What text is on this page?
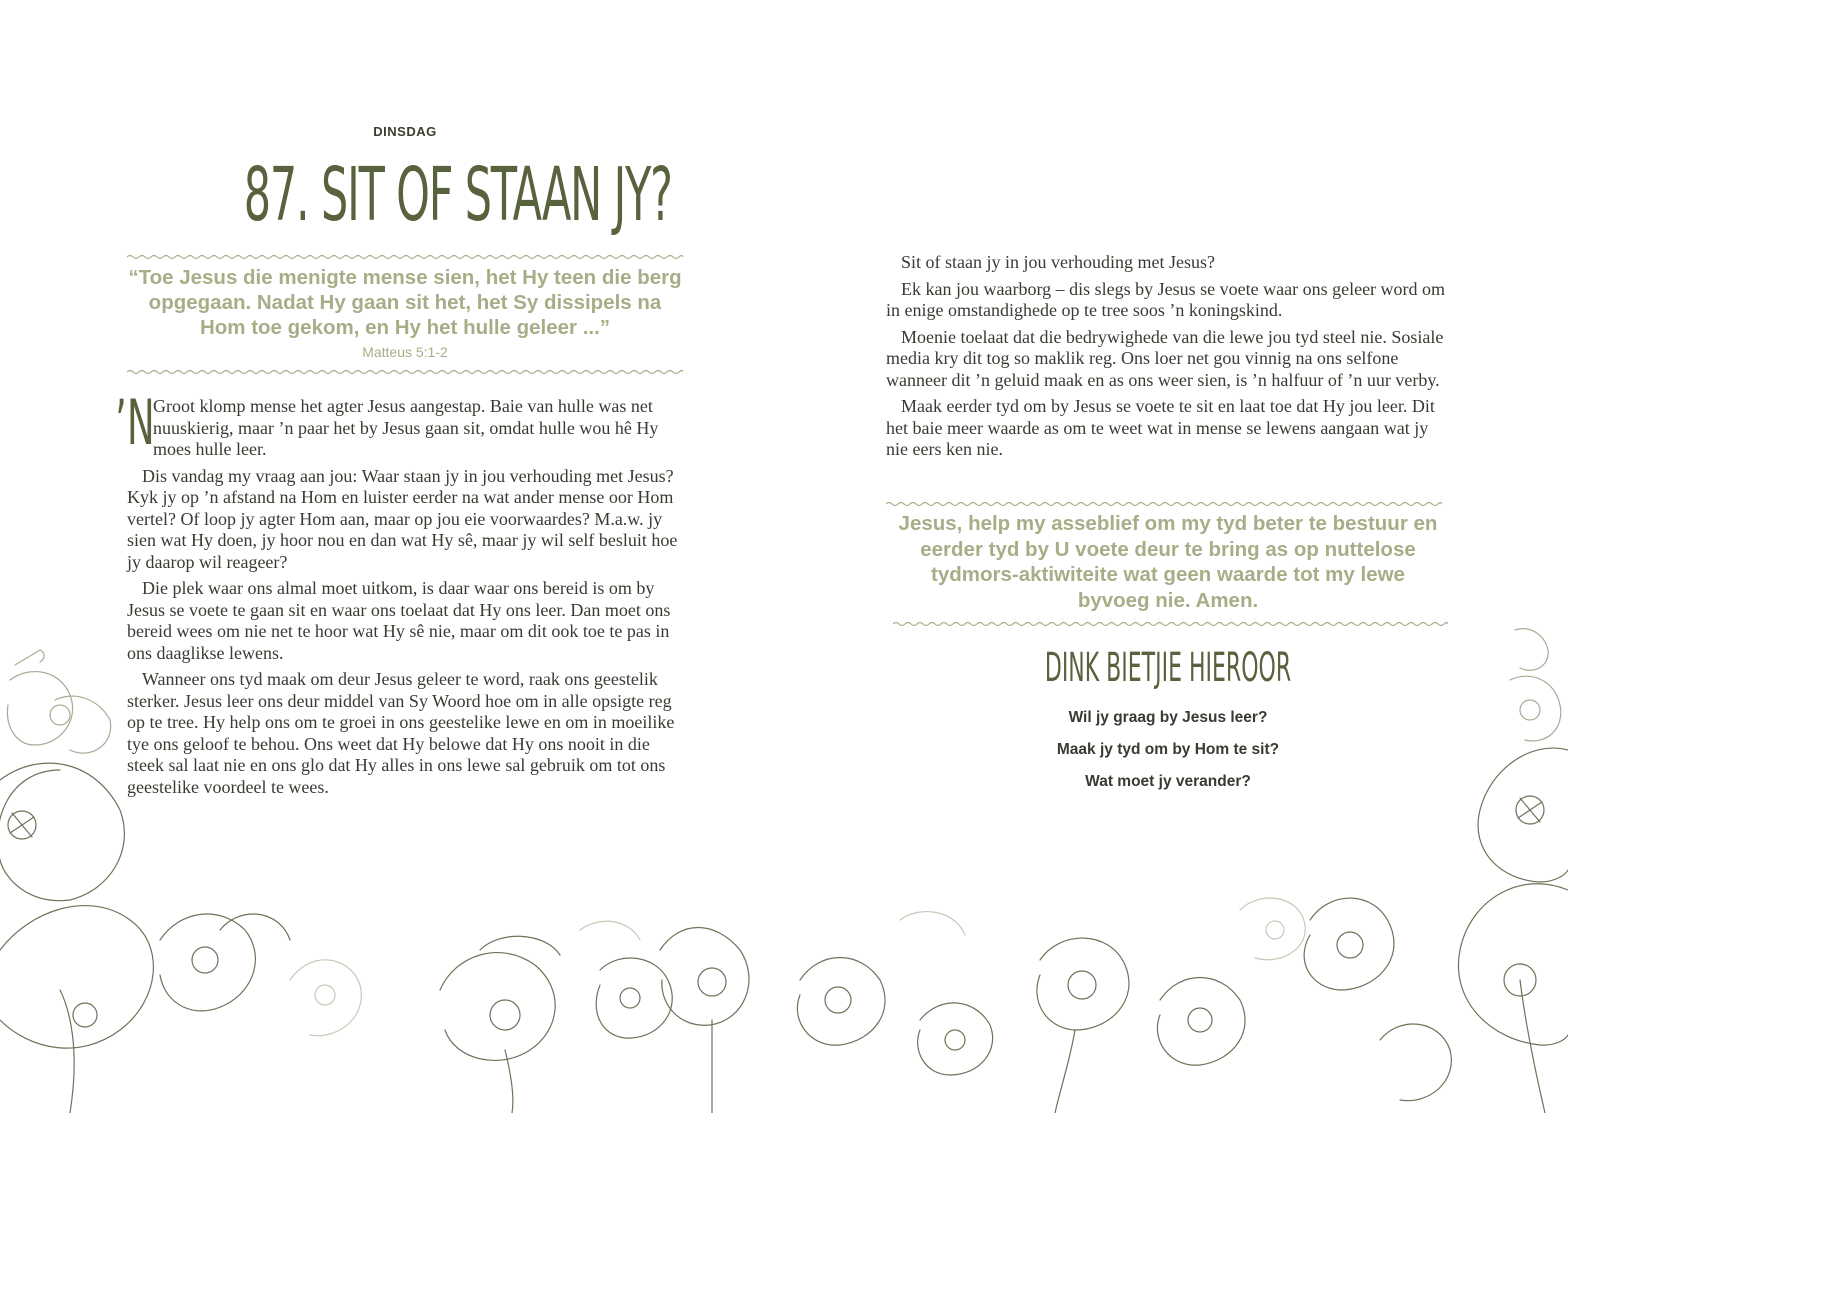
DINSDAG
87. SIT OF STAAN JY?
“Toe Jesus die menigte mense sien, het Hy teen die berg opgegaan. Nadat Hy gaan sit het, het Sy dissipels na Hom toe gekom, en Hy het hulle geleer ...”
Matteus 5:1-2

’N
Groot klomp mense het agter Jesus aangestap. Baie van hulle was net nuuskierig, maar ’n paar het by Jesus gaan sit, omdat hulle wou hê Hy moes hulle leer.

Dis vandag my vraag aan jou: Waar staan jy in jou verhouding met Jesus? Kyk jy op ’n afstand na Hom en luister eerder na wat ander mense oor Hom vertel? Of loop jy agter Hom aan, maar op jou eie voorwaardes? M.a.w. jy sien wat Hy doen, jy hoor nou en dan wat Hy sê, maar jy wil self besluit hoe jy daarop wil reageer?

Die plek waar ons almal moet uitkom, is daar waar ons bereid is om by Jesus se voete te gaan sit en waar ons toelaat dat Hy ons leer. Dan moet ons bereid wees om nie net te hoor wat Hy sê nie, maar om dit ook toe te pas in ons daaglikse lewens.

Wanneer ons tyd maak om deur Jesus geleer te word, raak ons geestelik sterker. Jesus leer ons deur middel van Sy Woord hoe om in alle opsigte reg op te tree. Hy help ons om te groei in ons geestelike lewe en om in moeilike tye ons geloof te behou. Ons weet dat Hy belowe dat Hy ons nooit in die steek sal laat nie en ons glo dat Hy alles in ons lewe sal gebruik om tot ons geestelike voordeel te wees.

Sit of staan jy in jou verhouding met Jesus?

Ek kan jou waarborg – dis slegs by Jesus se voete waar ons geleer word om in enige omstandighede op te tree soos ’n koningskind.

Moenie toelaat dat die bedrywighede van die lewe jou tyd steel nie. Sosiale media kry dit tog so maklik reg. Ons loer net gou vinnig na ons selfone wanneer dit ’n geluid maak en as ons weer sien, is ’n halfuur of ’n uur verby.

Maak eerder tyd om by Jesus se voete te sit en laat toe dat Hy jou leer. Dit het baie meer waarde as om te weet wat in mense se lewens aangaan wat jy nie eers ken nie.

Jesus, help my asseblief om my tyd beter te bestuur en eerder tyd by U voete deur te bring as op nuttelose tydmors-aktiwiteite wat geen waarde tot my lewe byvoeg nie. Amen.
DINK BIETJIE HIEROOR
Wil jy graag by Jesus leer?
Maak jy tyd om by Hom te sit?
Wat moet jy verander?
